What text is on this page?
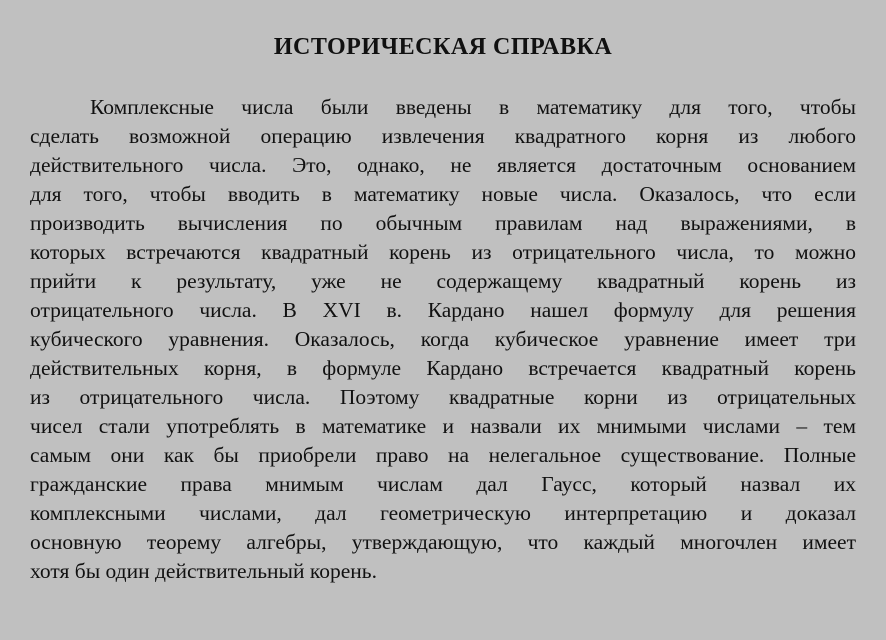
ИСТОРИЧЕСКАЯ СПРАВКА
Комплексные числа были введены в математику для того, чтобы
сделать возможной операцию извлечения квадратного корня из любого
действительного числа. Это, однако, не является достаточным основанием
для того, чтобы вводить в математику новые числа. Оказалось, что если
производить вычисления по обычным правилам над выражениями, в
которых встречаются квадратный корень из отрицательного числа, то можно
прийти к результату, уже не содержащему квадратный корень из
отрицательного числа. В XVI в. Кардано нашел формулу для решения
кубического уравнения. Оказалось, когда кубическое уравнение имеет три
действительных корня, в формуле Кардано встречается квадратный корень
из отрицательного числа. Поэтому квадратные корни из отрицательных
чисел стали употреблять в математике и назвали их мнимыми числами – тем
самым они как бы приобрели право на нелегальное существование. Полные
гражданские права мнимым числам дал Гаусс, который назвал их
комплексными числами, дал геометрическую интерпретацию и доказал
основную теорему алгебры, утверждающую, что каждый многочлен имеет
хотя бы один действительный корень.
